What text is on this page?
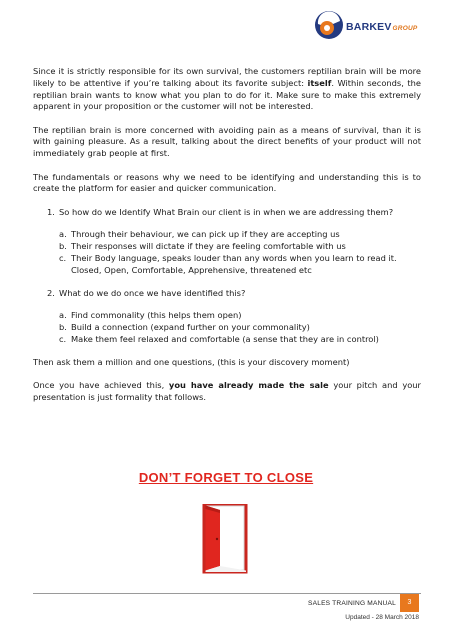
BARKEVGROUP

Since it is strictly responsible for its own survival, the customers reptilian brain will be more likely to be attentive if you’re talking about its favorite subject: itself. Within seconds, the reptilian brain wants to know what you plan to do for it. Make sure to make this extremely apparent in your proposition or the customer will not be interested.

The reptilian brain is more concerned with avoiding pain as a means of survival, than it is with gaining pleasure. As a result, talking about the direct benefits of your product will not immediately grab people at first.

The fundamentals or reasons why we need to be identifying and understanding this is to create the platform for easier and quicker communication.

1. So how do we Identify What Brain our client is in when we are addressing them?
a. Through their behaviour, we can pick up if they are accepting us
b. Their responses will dictate if they are feeling comfortable with us
c. Their Body language, speaks louder than any words when you learn to read it. Closed, Open, Comfortable, Apprehensive, threatened etc
2. What do we do once we have identified this?
a. Find commonality (this helps them open)
b. Build a connection (expand further on your commonality)
c. Make them feel relaxed and comfortable (a sense that they are in control)

Then ask them a million and one questions, (this is your discovery moment)

Once you have achieved this, you have already made the sale your pitch and your presentation is just formality that follows.

DON’T FORGET TO CLOSE
SALES TRAINING MANUAL	3
Updated - 28 March 2018
